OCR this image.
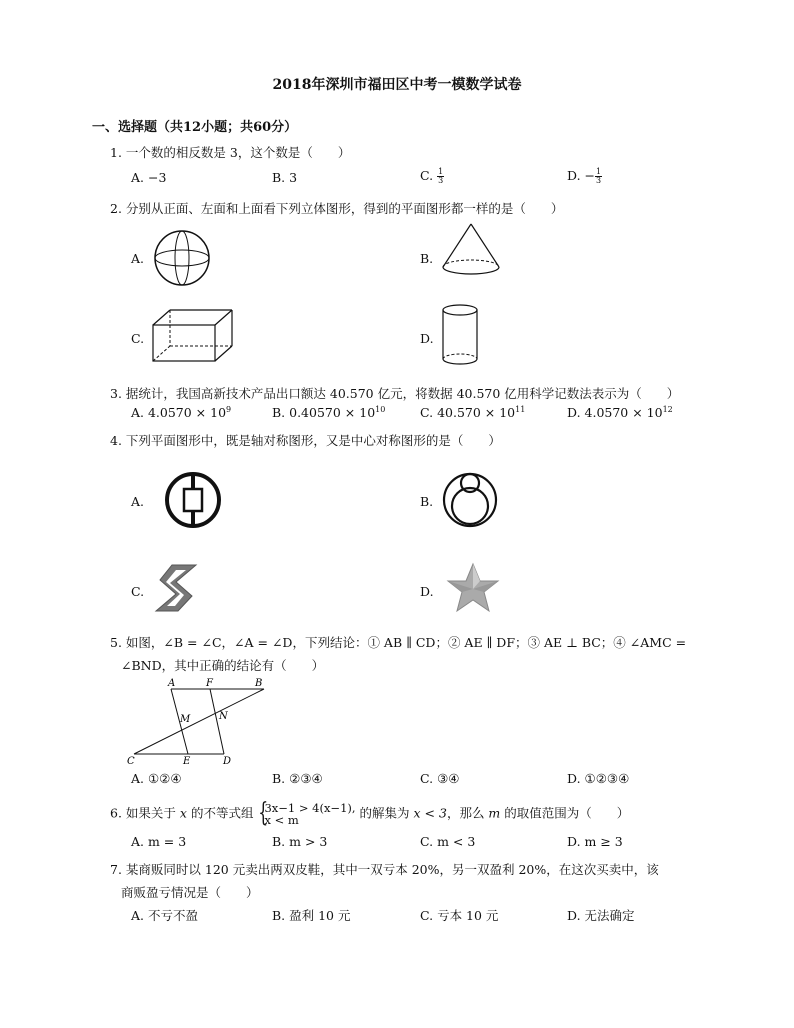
2018年深圳市福田区中考一模数学试卷
一、选择题（共12小题；共60分）
1. 一个数的相反数是 3，这个数是（　　）
A. −3	B. 3	C. $\frac{1}{3}$	D. − $\frac{1}{3}$
2. 分别从正面、左面和上面看下列立体图形，得到的平面图形都一样的是（　　）
A.	B.
C.	D.
3. 据统计，我国高新技术产品出口额达 40.570 亿元，将数据 40.570 亿用科学记数法表示为（　　）
A. $4.0570 \times 10^9$	B. $0.40570 \times 10^{10}$	C. $40.570 \times 10^{11}$	D. $4.0570 \times 10^{12}$
4. 下列平面图形中，既是轴对称图形，又是中心对称图形的是（　　）
A.	B.
C.	D.
5. 如图，∠B = ∠C，∠A = ∠D，下列结论：① AB ∥ CD；② AE ∥ DF；③ AE ⊥ BC；④ ∠AMC =
∠BND，其中正确的结论有（　　）
A	F	B
M	N
C	E	D
A. ①②④	B. ②③④	C. ③④	D. ①②③④
6. 如果关于 x 的不等式组 {
3x−1 > 4(x−1),
x < m	的解集为 x < 3，那么 m 的取值范围为（　　）
A. m = 3	B. m > 3	C. m < 3	D. m ≥ 3
7. 某商贩同时以 120 元卖出两双皮鞋，其中一双亏本 20%，另一双盈利 20%，在这次买卖中，该
商贩盈亏情况是（　　）
A. 不亏不盈	B. 盈利 10 元	C. 亏本 10 元	D. 无法确定
